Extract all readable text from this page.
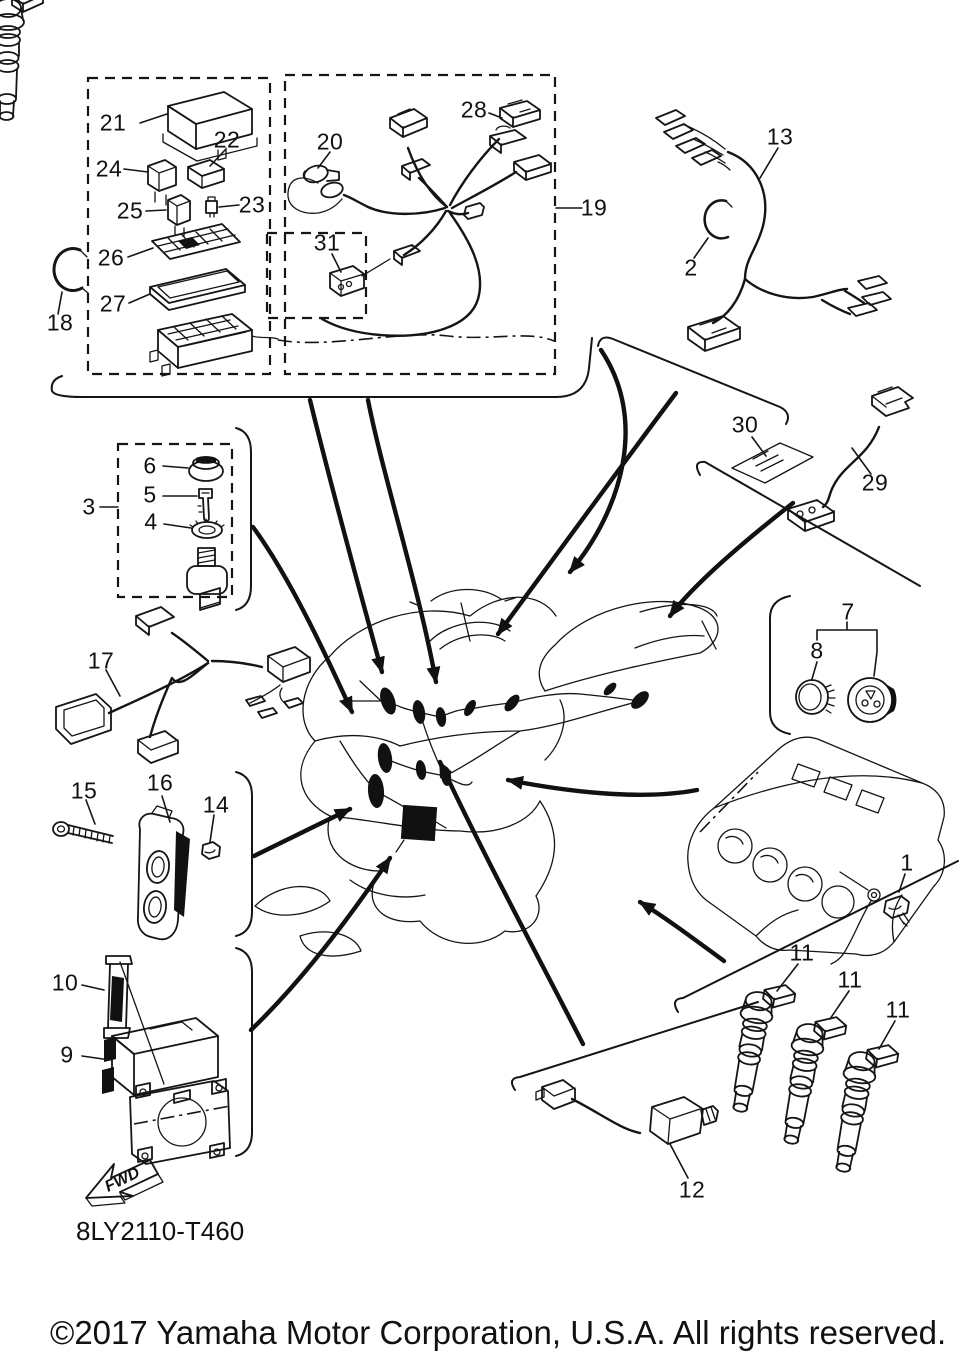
FWD
21
22
24
25	23
26
27
18
20
28
31
19
13
2
30
29
3
6
5
4
17
15 16
14
10
9
7
8
1
11
11
11
12
8LY2110-T460
©2017 Yamaha Motor Corporation, U.S.A. All rights reserved.
